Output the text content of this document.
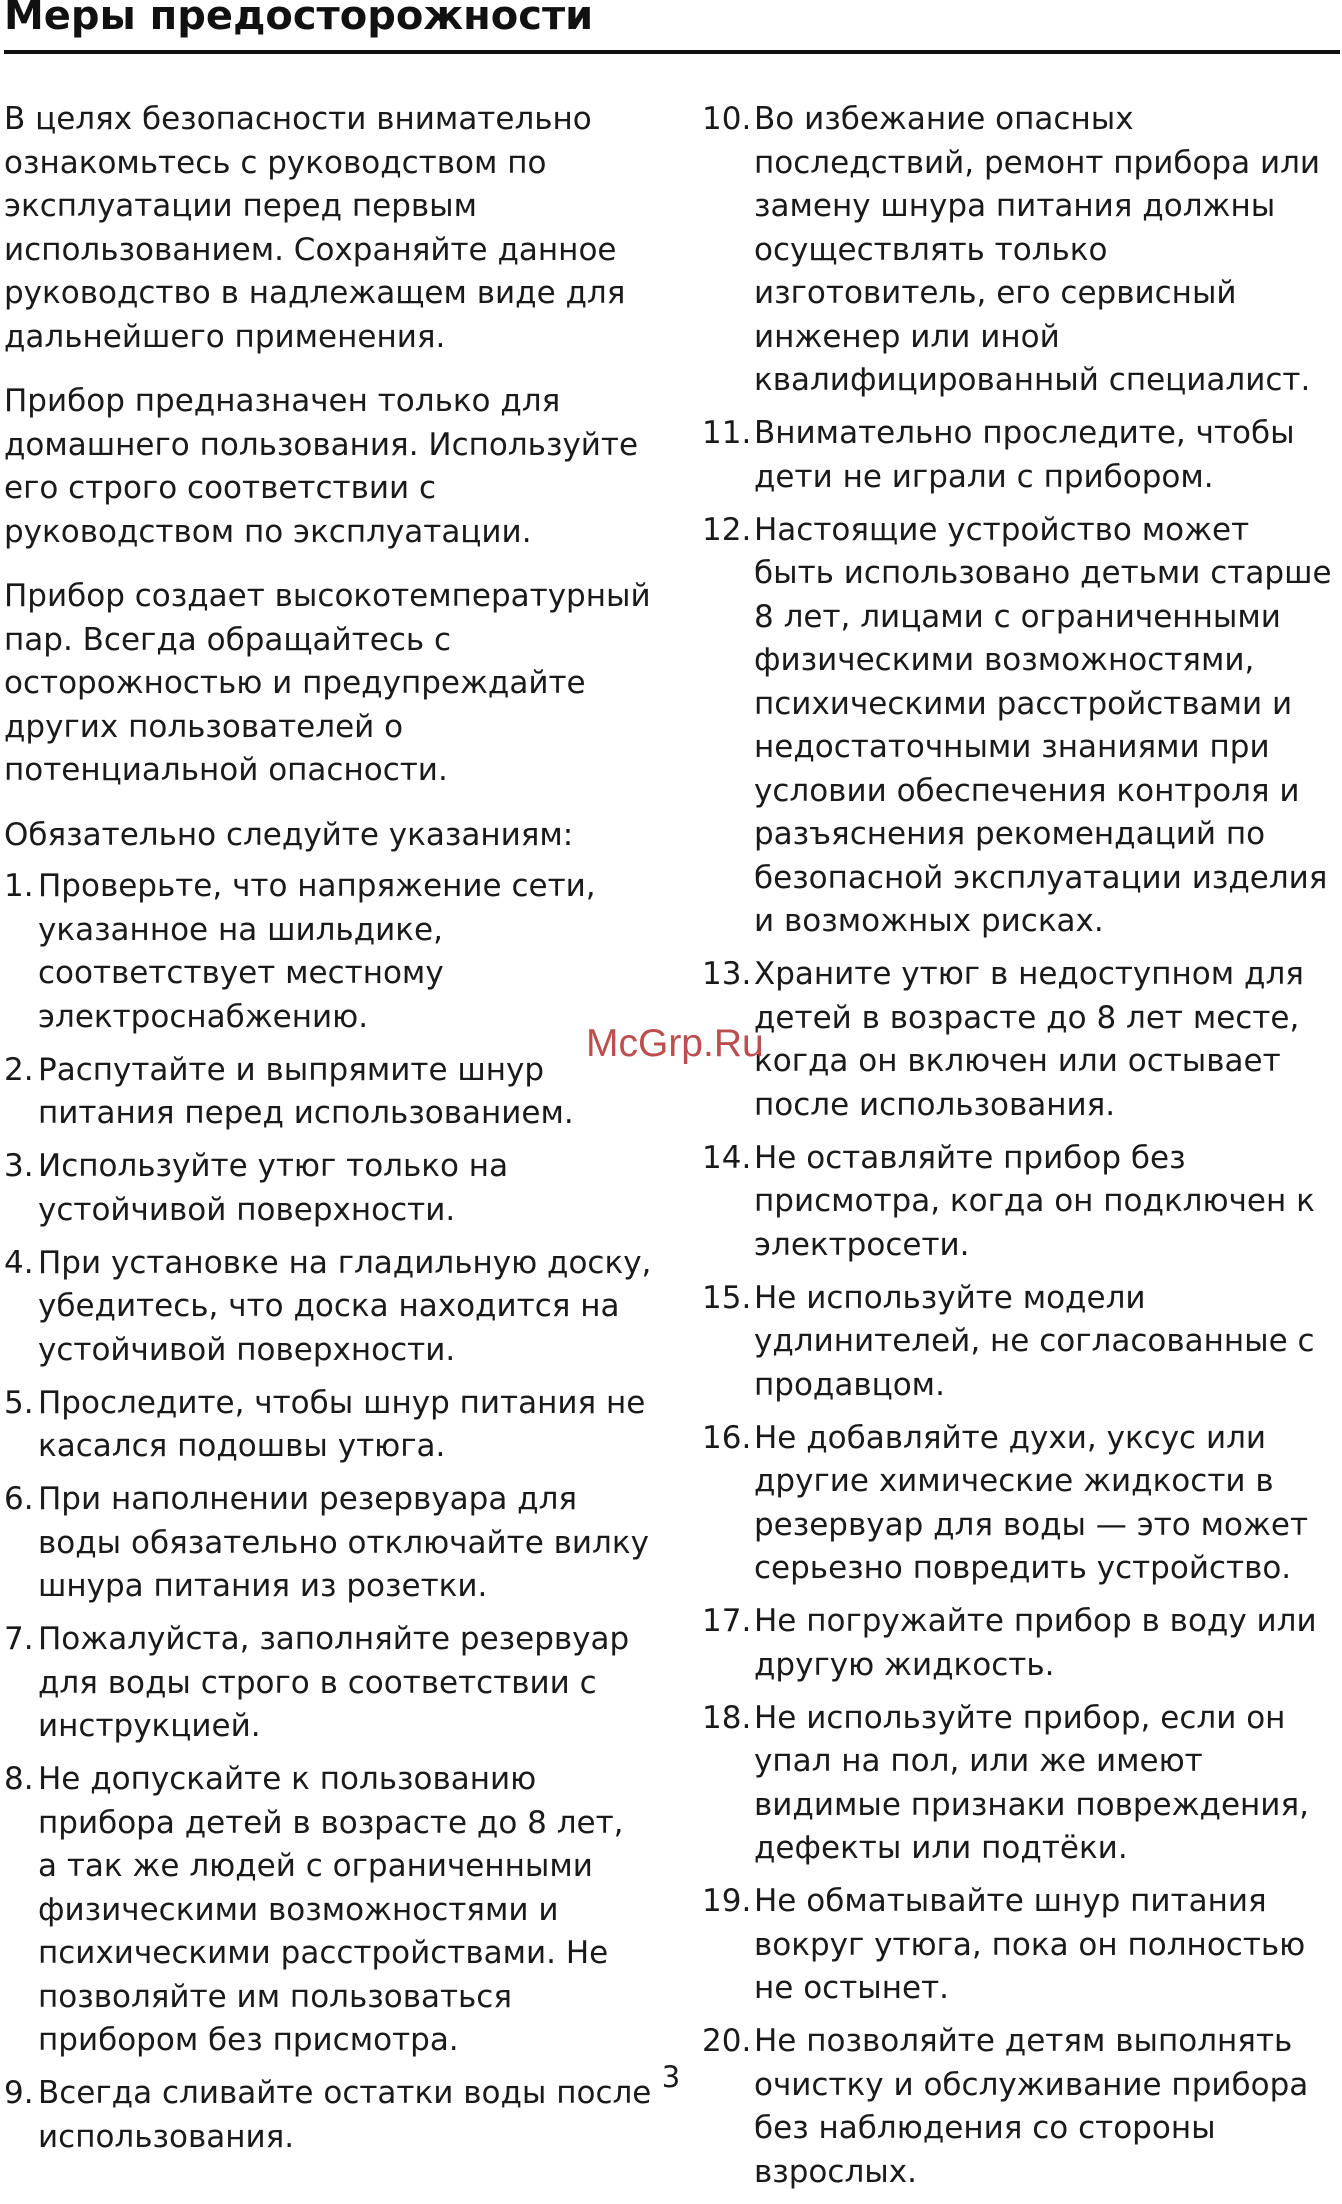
Меры предосторожности

В целях безопасности внимательно ознакомьтесь с руководством по эксплуатации перед первым использованием. Сохраняйте данное руководство в надлежащем виде для дальнейшего применения.

Прибор предназначен только для домашнего пользования. Используйте его строго соответствии с руководством по эксплуатации.

Прибор создает высокотемпературный пар. Всегда обращайтесь с осторожностью и предупреждайте других пользователей о потенциальной опасности.

Обязательно следуйте указаниям:

1. Проверьте, что напряжение сети, указанное на шильдике, соответствует местному электроснабжению.
2. Распутайте и выпрямите шнур питания перед использованием.
3. Используйте утюг только на устойчивой поверхности.
4. При установке на гладильную доску, убедитесь, что доска находится на устойчивой поверхности.
5. Проследите, чтобы шнур питания не касался подошвы утюга.
6. При наполнении резервуара для воды обязательно отключайте вилку шнура питания из розетки.
7. Пожалуйста, заполняйте резервуар для воды строго в соответствии с инструкцией.
8. Не допускайте к пользованию прибора детей в возрасте до 8 лет, а так же людей с ограниченными физическими возможностями и психическими расстройствами. Не позволяйте им пользоваться прибором без присмотра.
9. Всегда сливайте остатки воды после использования.
10. Во избежание опасных последствий, ремонт прибора или замену шнура питания должны осуществлять только изготовитель, его сервисный инженер или иной квалифицированный специалист.
11. Внимательно проследите, чтобы дети не играли с прибором.
12. Настоящие устройство может быть использовано детьми старше 8 лет, лицами с ограниченными физическими возможностями, психическими расстройствами и недостаточными знаниями при условии обеспечения контроля и разъяснения рекомендаций по безопасной эксплуатации изделия и возможных рисках.
13. Храните утюг в недоступном для детей в возрасте до 8 лет месте, когда он включен или остывает после использования.
14. Не оставляйте прибор без присмотра, когда он подключен к электросети.
15. Не используйте модели удлинителей, не согласованные с продавцом.
16. Не добавляйте духи, уксус или другие химические жидкости в резервуар для воды — это может серьезно повредить устройство.
17. Не погружайте прибор в воду или другую жидкость.
18. Не используйте прибор, если он упал на пол, или же имеют видимые признаки повреждения, дефекты или подтёки.
19. Не обматывайте шнур питания вокруг утюга, пока он полностью не остынет.
20. Не позволяйте детям выполнять очистку и обслуживание прибора без наблюдения со стороны взрослых.
McGrp.Ru
3
